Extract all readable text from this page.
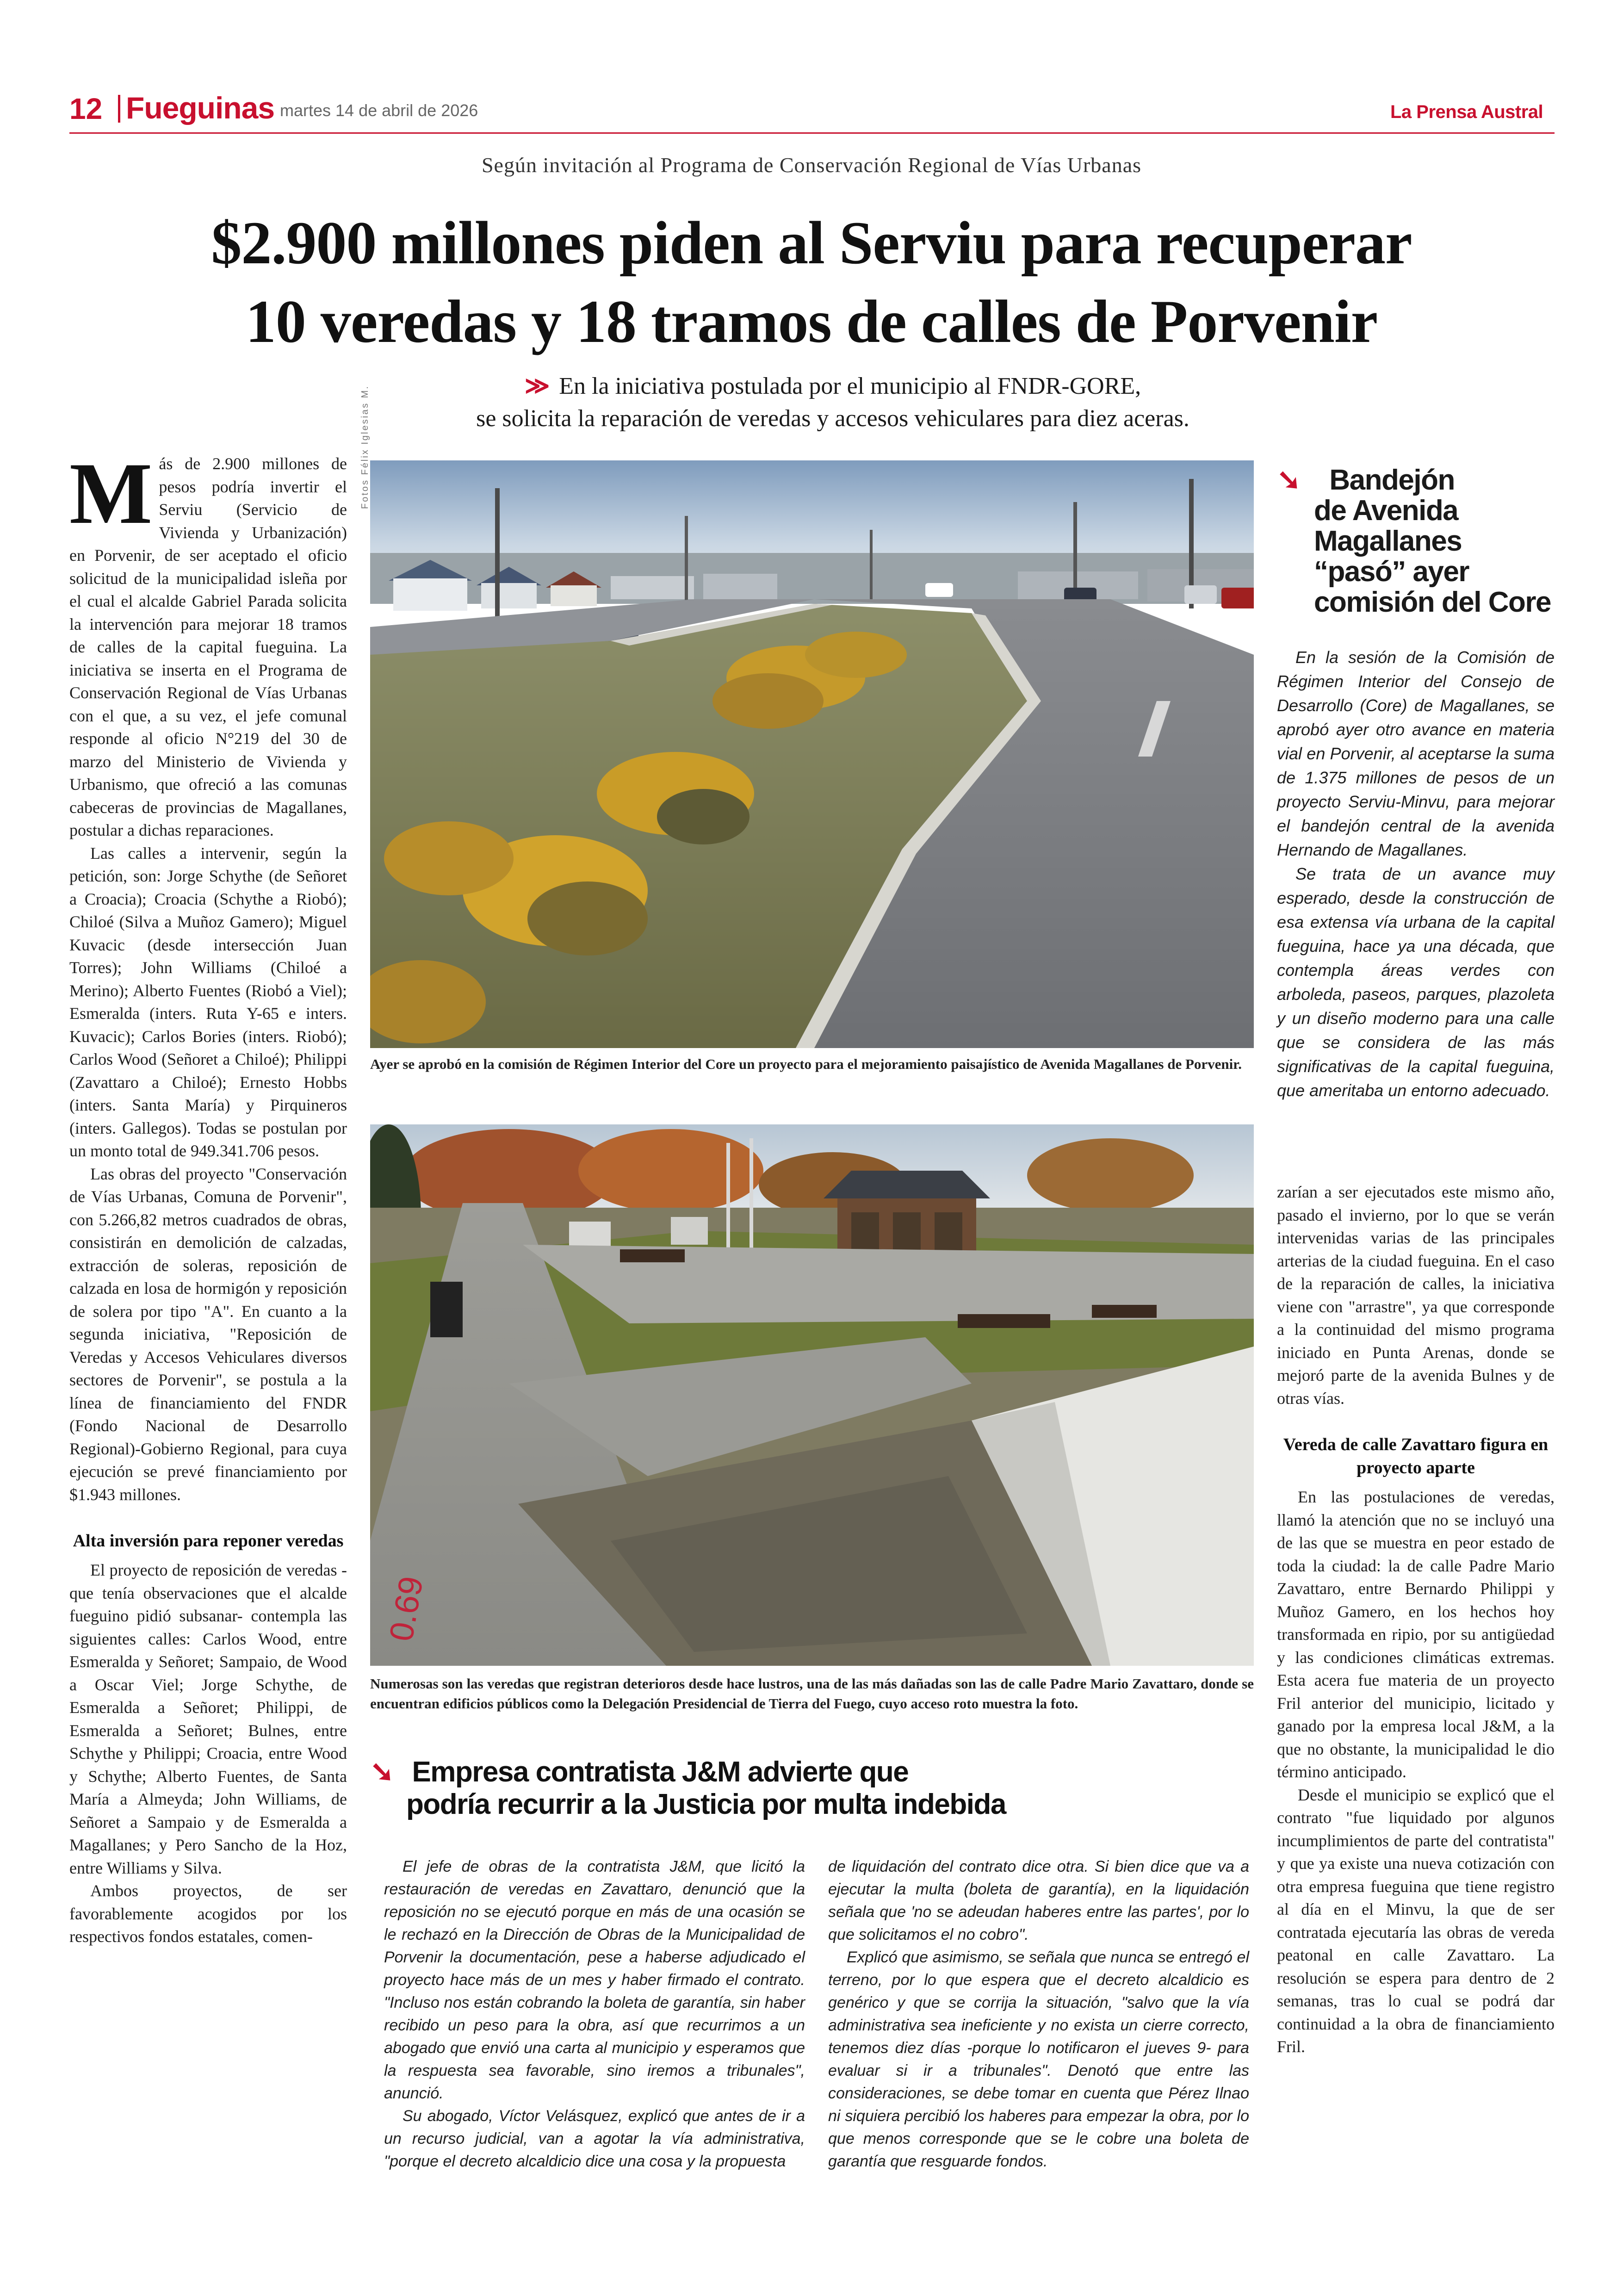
12 Fueguinas martes 14 de abril de 2026	La Prensa Austral
Según invitación al Programa de Conservación Regional de Vías Urbanas
$2.900 millones piden al Serviu para recuperar
10 veredas y 18 tramos de calles de Porvenir
≫ En la iniciativa postulada por el municipio al FNDR-GORE,
se solicita la reparación de veredas y accesos vehiculares para diez aceras.

Más de 2.900 millones de pesos podría invertir el Serviu (Servicio de Vivienda y Urbanización) en Porvenir, de ser aceptado el oficio solicitud de la municipalidad isleña por el cual el alcalde Gabriel Parada solicita la intervención para mejorar 18 tramos de calles de la capital fueguina. La iniciativa se inserta en el Programa de Conservación Regional de Vías Urbanas con el que, a su vez, el jefe comunal responde al oficio N°219 del 30 de marzo del Ministerio de Vivienda y Urbanismo, que ofreció a las comunas cabeceras de provincias de Magallanes, postular a dichas reparaciones.

Las calles a intervenir, según la petición, son: Jorge Schythe (de Señoret a Croacia); Croacia (Schythe a Riobó); Chiloé (Silva a Muñoz Gamero); Miguel Kuvacic (desde intersección Juan Torres); John Williams (Chiloé a Merino); Alberto Fuentes (Riobó a Viel); Esmeralda (inters. Ruta Y-65 e inters. Kuvacic); Carlos Bories (inters. Riobó); Carlos Wood (Señoret a Chiloé); Philippi (Zavattaro a Chiloé); Ernesto Hobbs (inters. Santa María) y Pirquineros (inters. Gallegos). Todas se postulan por un monto total de 949.341.706 pesos.

Las obras del proyecto "Conservación de Vías Urbanas, Comuna de Porvenir", con 5.266,82 metros cuadrados de obras, consistirán en demolición de calzadas, extracción de soleras, reposición de calzada en losa de hormigón y reposición de solera por tipo "A". En cuanto a la segunda iniciativa, "Reposición de Veredas y Accesos Vehiculares diversos sectores de Porvenir", se postula a la línea de financiamiento del FNDR (Fondo Nacional de Desarrollo Regional)-Gobierno Regional, para cuya ejecución se prevé financiamiento por $1.943 millones.

Alta inversión para reponer veredas

El proyecto de reposición de veredas -que tenía observaciones que el alcalde fueguino pidió subsanar- contempla las siguientes calles: Carlos Wood, entre Esmeralda y Señoret; Sampaio, de Wood a Oscar Viel; Jorge Schythe, de Esmeralda a Señoret; Philippi, de Esmeralda a Señoret; Bulnes, entre Schythe y Philippi; Croacia, entre Wood y Schythe; Alberto Fuentes, de Santa María a Almeyda; John Williams, de Señoret a Sampaio y de Esmeralda a Magallanes; y Pero Sancho de la Hoz, entre Williams y Silva.

Ambos proyectos, de ser favorablemente acogidos por los respectivos fondos estatales, comen-

Fotos Félix Iglesias M.
Ayer se aprobó en la comisión de Régimen Interior del Core un proyecto para el mejoramiento paisajístico de Avenida Magallanes de Porvenir.
➘ Bandejón
de Avenida
Magallanes
“pasó” ayer
comisión del Core

En la sesión de la Comisión de Régimen Interior del Consejo de Desarrollo (Core) de Magallanes, se aprobó ayer otro avance en materia vial en Porvenir, al aceptarse la suma de 1.375 millones de pesos de un proyecto Serviu-Minvu, para mejorar el bandejón central de la avenida Hernando de Magallanes.

Se trata de un avance muy esperado, desde la construcción de esa extensa vía urbana de la capital fueguina, hace ya una década, que contempla áreas verdes con arboleda, paseos, parques, plazoleta y un diseño moderno para una calle que se considera de las más significativas de la capital fueguina, que ameritaba un entorno adecuado.

0.69
Numerosas son las veredas que registran deterioros desde hace lustros, una de las más dañadas son las de calle Padre Mario Zavattaro, donde se encuentran edificios públicos como la Delegación Presidencial de Tierra del Fuego, cuyo acceso roto muestra la foto.
➘ Empresa contratista J&M advierte que
podría recurrir a la Justicia por multa indebida

El jefe de obras de la contratista J&M, que licitó la restauración de veredas en Zavattaro, denunció que la reposición no se ejecutó porque en más de una ocasión se le rechazó en la Dirección de Obras de la Municipalidad de Porvenir la documentación, pese a haberse adjudicado el proyecto hace más de un mes y haber firmado el contrato. "Incluso nos están cobrando la boleta de garantía, sin haber recibido un peso para la obra, así que recurrimos a un abogado que envió una carta al municipio y esperamos que la respuesta sea favorable, sino iremos a tribunales", anunció.

Su abogado, Víctor Velásquez, explicó que antes de ir a un recurso judicial, van a agotar la vía administrativa, "porque el decreto alcaldicio dice una cosa y la propuesta

de liquidación del contrato dice otra. Si bien dice que va a ejecutar la multa (boleta de garantía), en la liquidación señala que 'no se adeudan haberes entre las partes', por lo que solicitamos el no cobro".

Explicó que asimismo, se señala que nunca se entregó el terreno, por lo que espera que el decreto alcaldicio es genérico y que se corrija la situación, "salvo que la vía administrativa sea ineficiente y no exista un cierre correcto, tenemos diez días -porque lo notificaron el jueves 9- para evaluar si ir a tribunales". Denotó que entre las consideraciones, se debe tomar en cuenta que Pérez Ilnao ni siquiera percibió los haberes para empezar la obra, por lo que menos corresponde que se le cobre una boleta de garantía que resguarde fondos.

zarían a ser ejecutados este mismo año, pasado el invierno, por lo que se verán intervenidas varias de las principales arterias de la ciudad fueguina. En el caso de la reparación de calles, la iniciativa viene con "arrastre", ya que corresponde a la continuidad del mismo programa iniciado en Punta Arenas, donde se mejoró parte de la avenida Bulnes y de otras vías.

Vereda de calle Zavattaro figura en proyecto aparte

En las postulaciones de veredas, llamó la atención que no se incluyó una de las que se muestra en peor estado de toda la ciudad: la de calle Padre Mario Zavattaro, entre Bernardo Philippi y Muñoz Gamero, en los hechos hoy transformada en ripio, por su antigüedad y las condiciones climáticas extremas. Esta acera fue materia de un proyecto Fril anterior del municipio, licitado y ganado por la empresa local J&M, a la que no obstante, la municipalidad le dio término anticipado.

Desde el municipio se explicó que el contrato "fue liquidado por algunos incumplimientos de parte del contratista" y que ya existe una nueva cotización con otra empresa fueguina que tiene registro al día en el Minvu, la que de ser contratada ejecutaría las obras de vereda peatonal en calle Zavattaro. La resolución se espera para dentro de 2 semanas, tras lo cual se podrá dar continuidad a la obra de financiamiento Fril.
